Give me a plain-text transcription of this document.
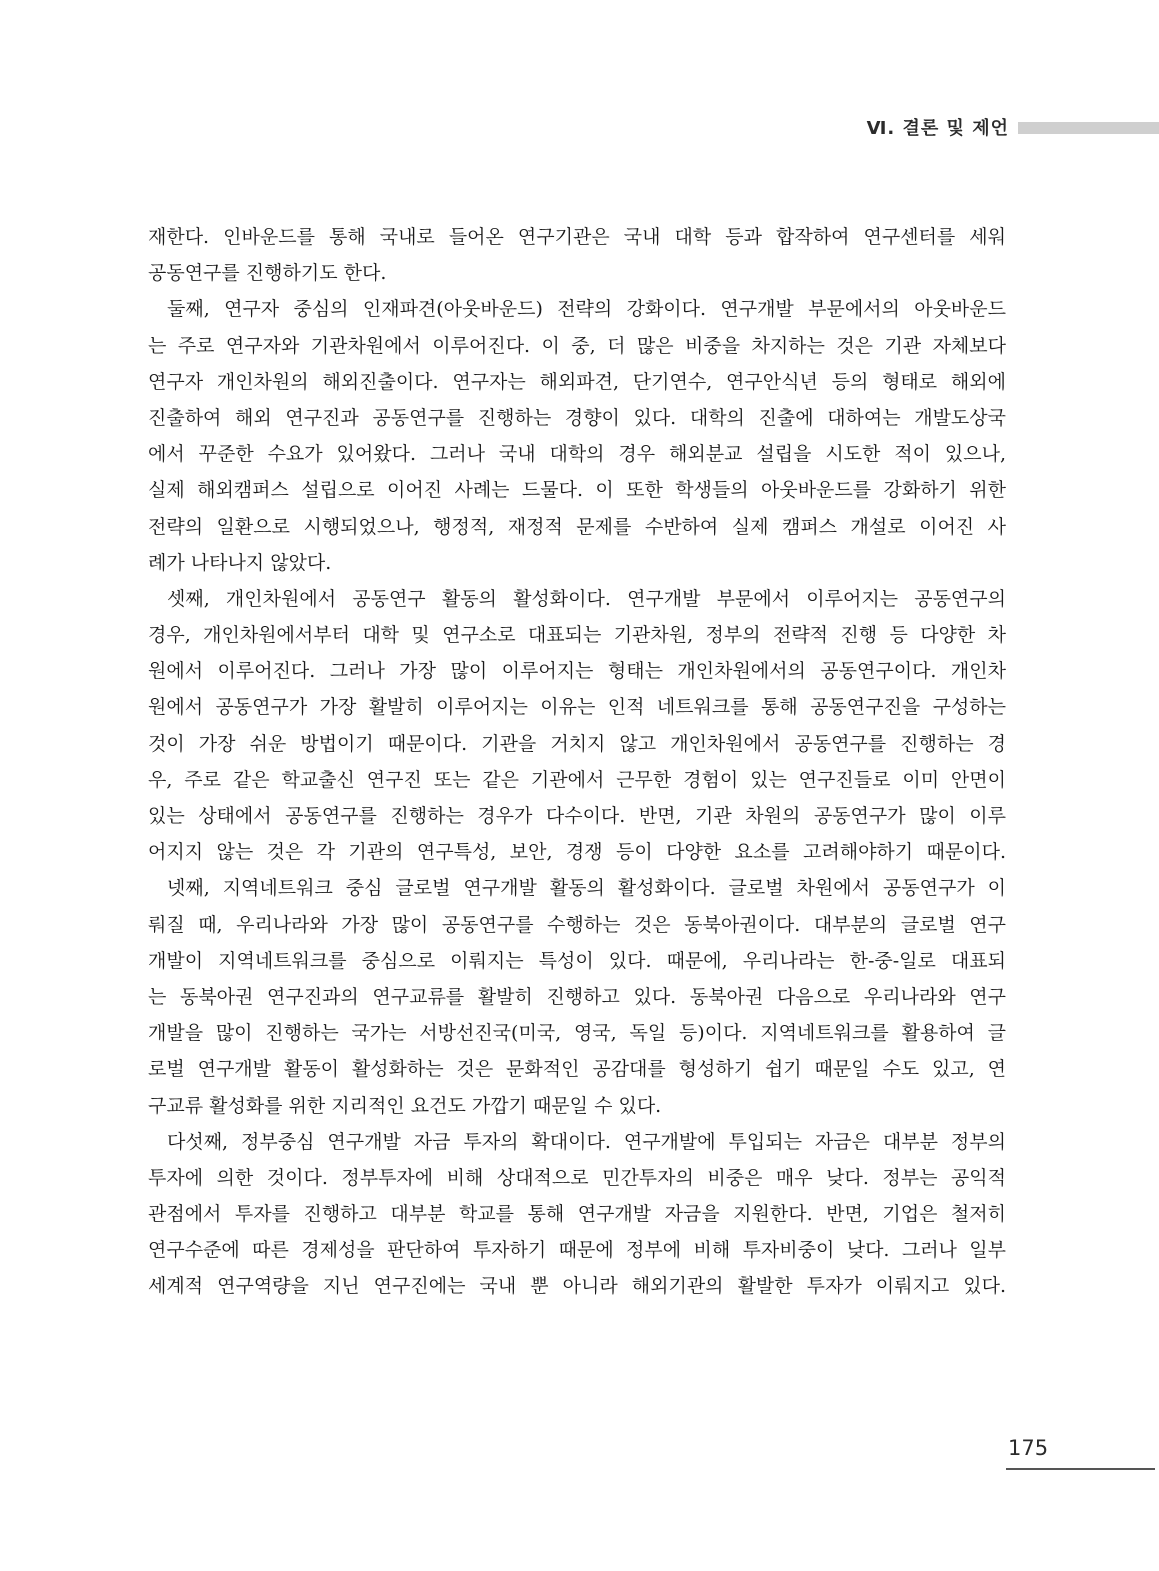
Ⅵ. 결론 및 제언
재한다. 인바운드를 통해 국내로 들어온 연구기관은 국내 대학 등과 합작하여 연구센터를 세워
공동연구를 진행하기도 한다.
둘째, 연구자 중심의 인재파견(아웃바운드) 전략의 강화이다. 연구개발 부문에서의 아웃바운드
는 주로 연구자와 기관차원에서 이루어진다. 이 중, 더 많은 비중을 차지하는 것은 기관 자체보다
연구자 개인차원의 해외진출이다. 연구자는 해외파견, 단기연수, 연구안식년 등의 형태로 해외에
진출하여 해외 연구진과 공동연구를 진행하는 경향이 있다. 대학의 진출에 대하여는 개발도상국
에서 꾸준한 수요가 있어왔다. 그러나 국내 대학의 경우 해외분교 설립을 시도한 적이 있으나,
실제 해외캠퍼스 설립으로 이어진 사례는 드물다. 이 또한 학생들의 아웃바운드를 강화하기 위한
전략의 일환으로 시행되었으나, 행정적, 재정적 문제를 수반하여 실제 캠퍼스 개설로 이어진 사
례가 나타나지 않았다.
셋째, 개인차원에서 공동연구 활동의 활성화이다. 연구개발 부문에서 이루어지는 공동연구의
경우, 개인차원에서부터 대학 및 연구소로 대표되는 기관차원, 정부의 전략적 진행 등 다양한 차
원에서 이루어진다. 그러나 가장 많이 이루어지는 형태는 개인차원에서의 공동연구이다. 개인차
원에서 공동연구가 가장 활발히 이루어지는 이유는 인적 네트워크를 통해 공동연구진을 구성하는
것이 가장 쉬운 방법이기 때문이다. 기관을 거치지 않고 개인차원에서 공동연구를 진행하는 경
우, 주로 같은 학교출신 연구진 또는 같은 기관에서 근무한 경험이 있는 연구진들로 이미 안면이
있는 상태에서 공동연구를 진행하는 경우가 다수이다. 반면, 기관 차원의 공동연구가 많이 이루
어지지 않는 것은 각 기관의 연구특성, 보안, 경쟁 등이 다양한 요소를 고려해야하기 때문이다.
넷째, 지역네트워크 중심 글로벌 연구개발 활동의 활성화이다. 글로벌 차원에서 공동연구가 이
뤄질 때, 우리나라와 가장 많이 공동연구를 수행하는 것은 동북아권이다. 대부분의 글로벌 연구
개발이 지역네트워크를 중심으로 이뤄지는 특성이 있다. 때문에, 우리나라는 한-중-일로 대표되
는 동북아권 연구진과의 연구교류를 활발히 진행하고 있다. 동북아권 다음으로 우리나라와 연구
개발을 많이 진행하는 국가는 서방선진국(미국, 영국, 독일 등)이다. 지역네트워크를 활용하여 글
로벌 연구개발 활동이 활성화하는 것은 문화적인 공감대를 형성하기 쉽기 때문일 수도 있고, 연
구교류 활성화를 위한 지리적인 요건도 가깝기 때문일 수 있다.
다섯째, 정부중심 연구개발 자금 투자의 확대이다. 연구개발에 투입되는 자금은 대부분 정부의
투자에 의한 것이다. 정부투자에 비해 상대적으로 민간투자의 비중은 매우 낮다. 정부는 공익적
관점에서 투자를 진행하고 대부분 학교를 통해 연구개발 자금을 지원한다. 반면, 기업은 철저히
연구수준에 따른 경제성을 판단하여 투자하기 때문에 정부에 비해 투자비중이 낮다. 그러나 일부
세계적 연구역량을 지닌 연구진에는 국내 뿐 아니라 해외기관의 활발한 투자가 이뤄지고 있다.
175
